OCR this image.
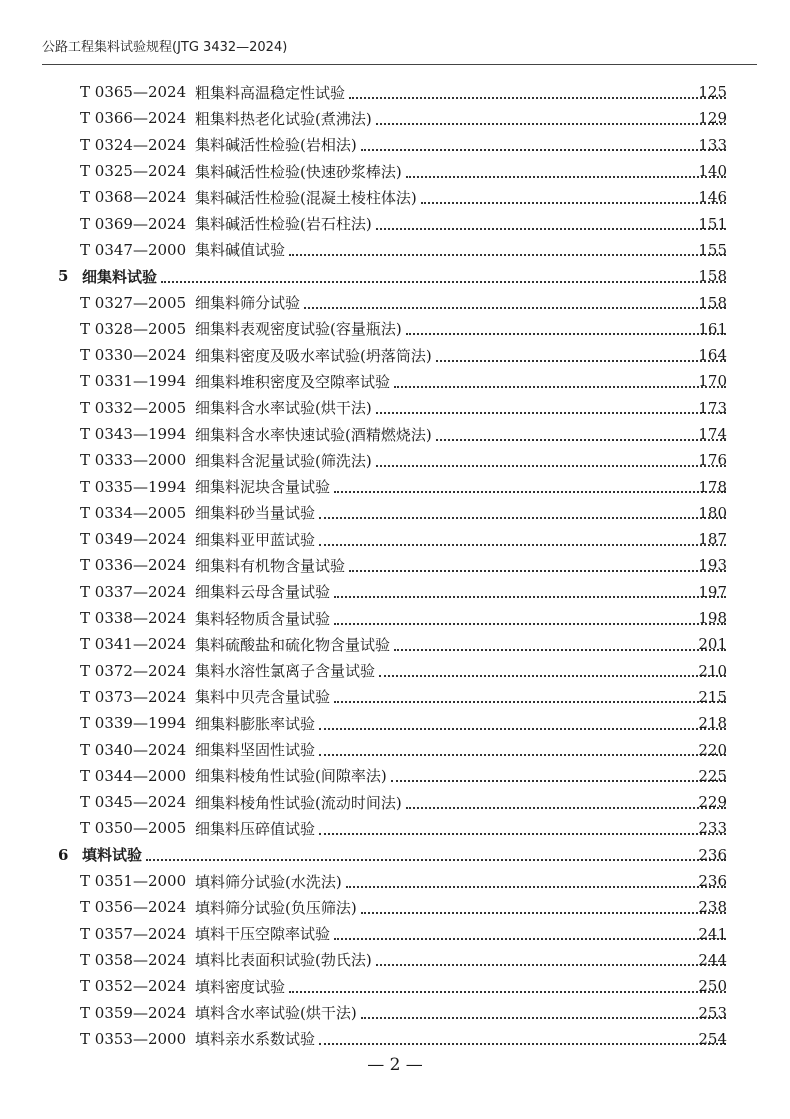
公路工程集料试验规程(JTG 3432—2024)
T 0365—2024 粗集料高温稳定性试验	125
T 0366—2024 粗集料热老化试验(煮沸法)	129
T 0324—2024 集料碱活性检验(岩相法)	133
T 0325—2024 集料碱活性检验(快速砂浆棒法)	140
T 0368—2024 集料碱活性检验(混凝土棱柱体法)	146
T 0369—2024 集料碱活性检验(岩石柱法)	151
T 0347—2000 集料碱值试验	155
5 细集料试验	158
T 0327—2005 细集料筛分试验	158
T 0328—2005 细集料表观密度试验(容量瓶法)	161
T 0330—2024 细集料密度及吸水率试验(坍落筒法)	164
T 0331—1994 细集料堆积密度及空隙率试验	170
T 0332—2005 细集料含水率试验(烘干法)	173
T 0343—1994 细集料含水率快速试验(酒精燃烧法)	174
T 0333—2000 细集料含泥量试验(筛洗法)	176
T 0335—1994 细集料泥块含量试验	178
T 0334—2005 细集料砂当量试验	180
T 0349—2024 细集料亚甲蓝试验	187
T 0336—2024 细集料有机物含量试验	193
T 0337—2024 细集料云母含量试验	197
T 0338—2024 集料轻物质含量试验	198
T 0341—2024 集料硫酸盐和硫化物含量试验	201
T 0372—2024 集料水溶性氯离子含量试验	210
T 0373—2024 集料中贝壳含量试验	215
T 0339—1994 细集料膨胀率试验	218
T 0340—2024 细集料坚固性试验	220
T 0344—2000 细集料棱角性试验(间隙率法)	225
T 0345—2024 细集料棱角性试验(流动时间法)	229
T 0350—2005 细集料压碎值试验	233
6 填料试验	236
T 0351—2000 填料筛分试验(水洗法)	236
T 0356—2024 填料筛分试验(负压筛法)	238
T 0357—2024 填料干压空隙率试验	241
T 0358—2024 填料比表面积试验(勃氏法)	244
T 0352—2024 填料密度试验	250
T 0359—2024 填料含水率试验(烘干法)	253
T 0353—2000 填料亲水系数试验	254
— 2 —
